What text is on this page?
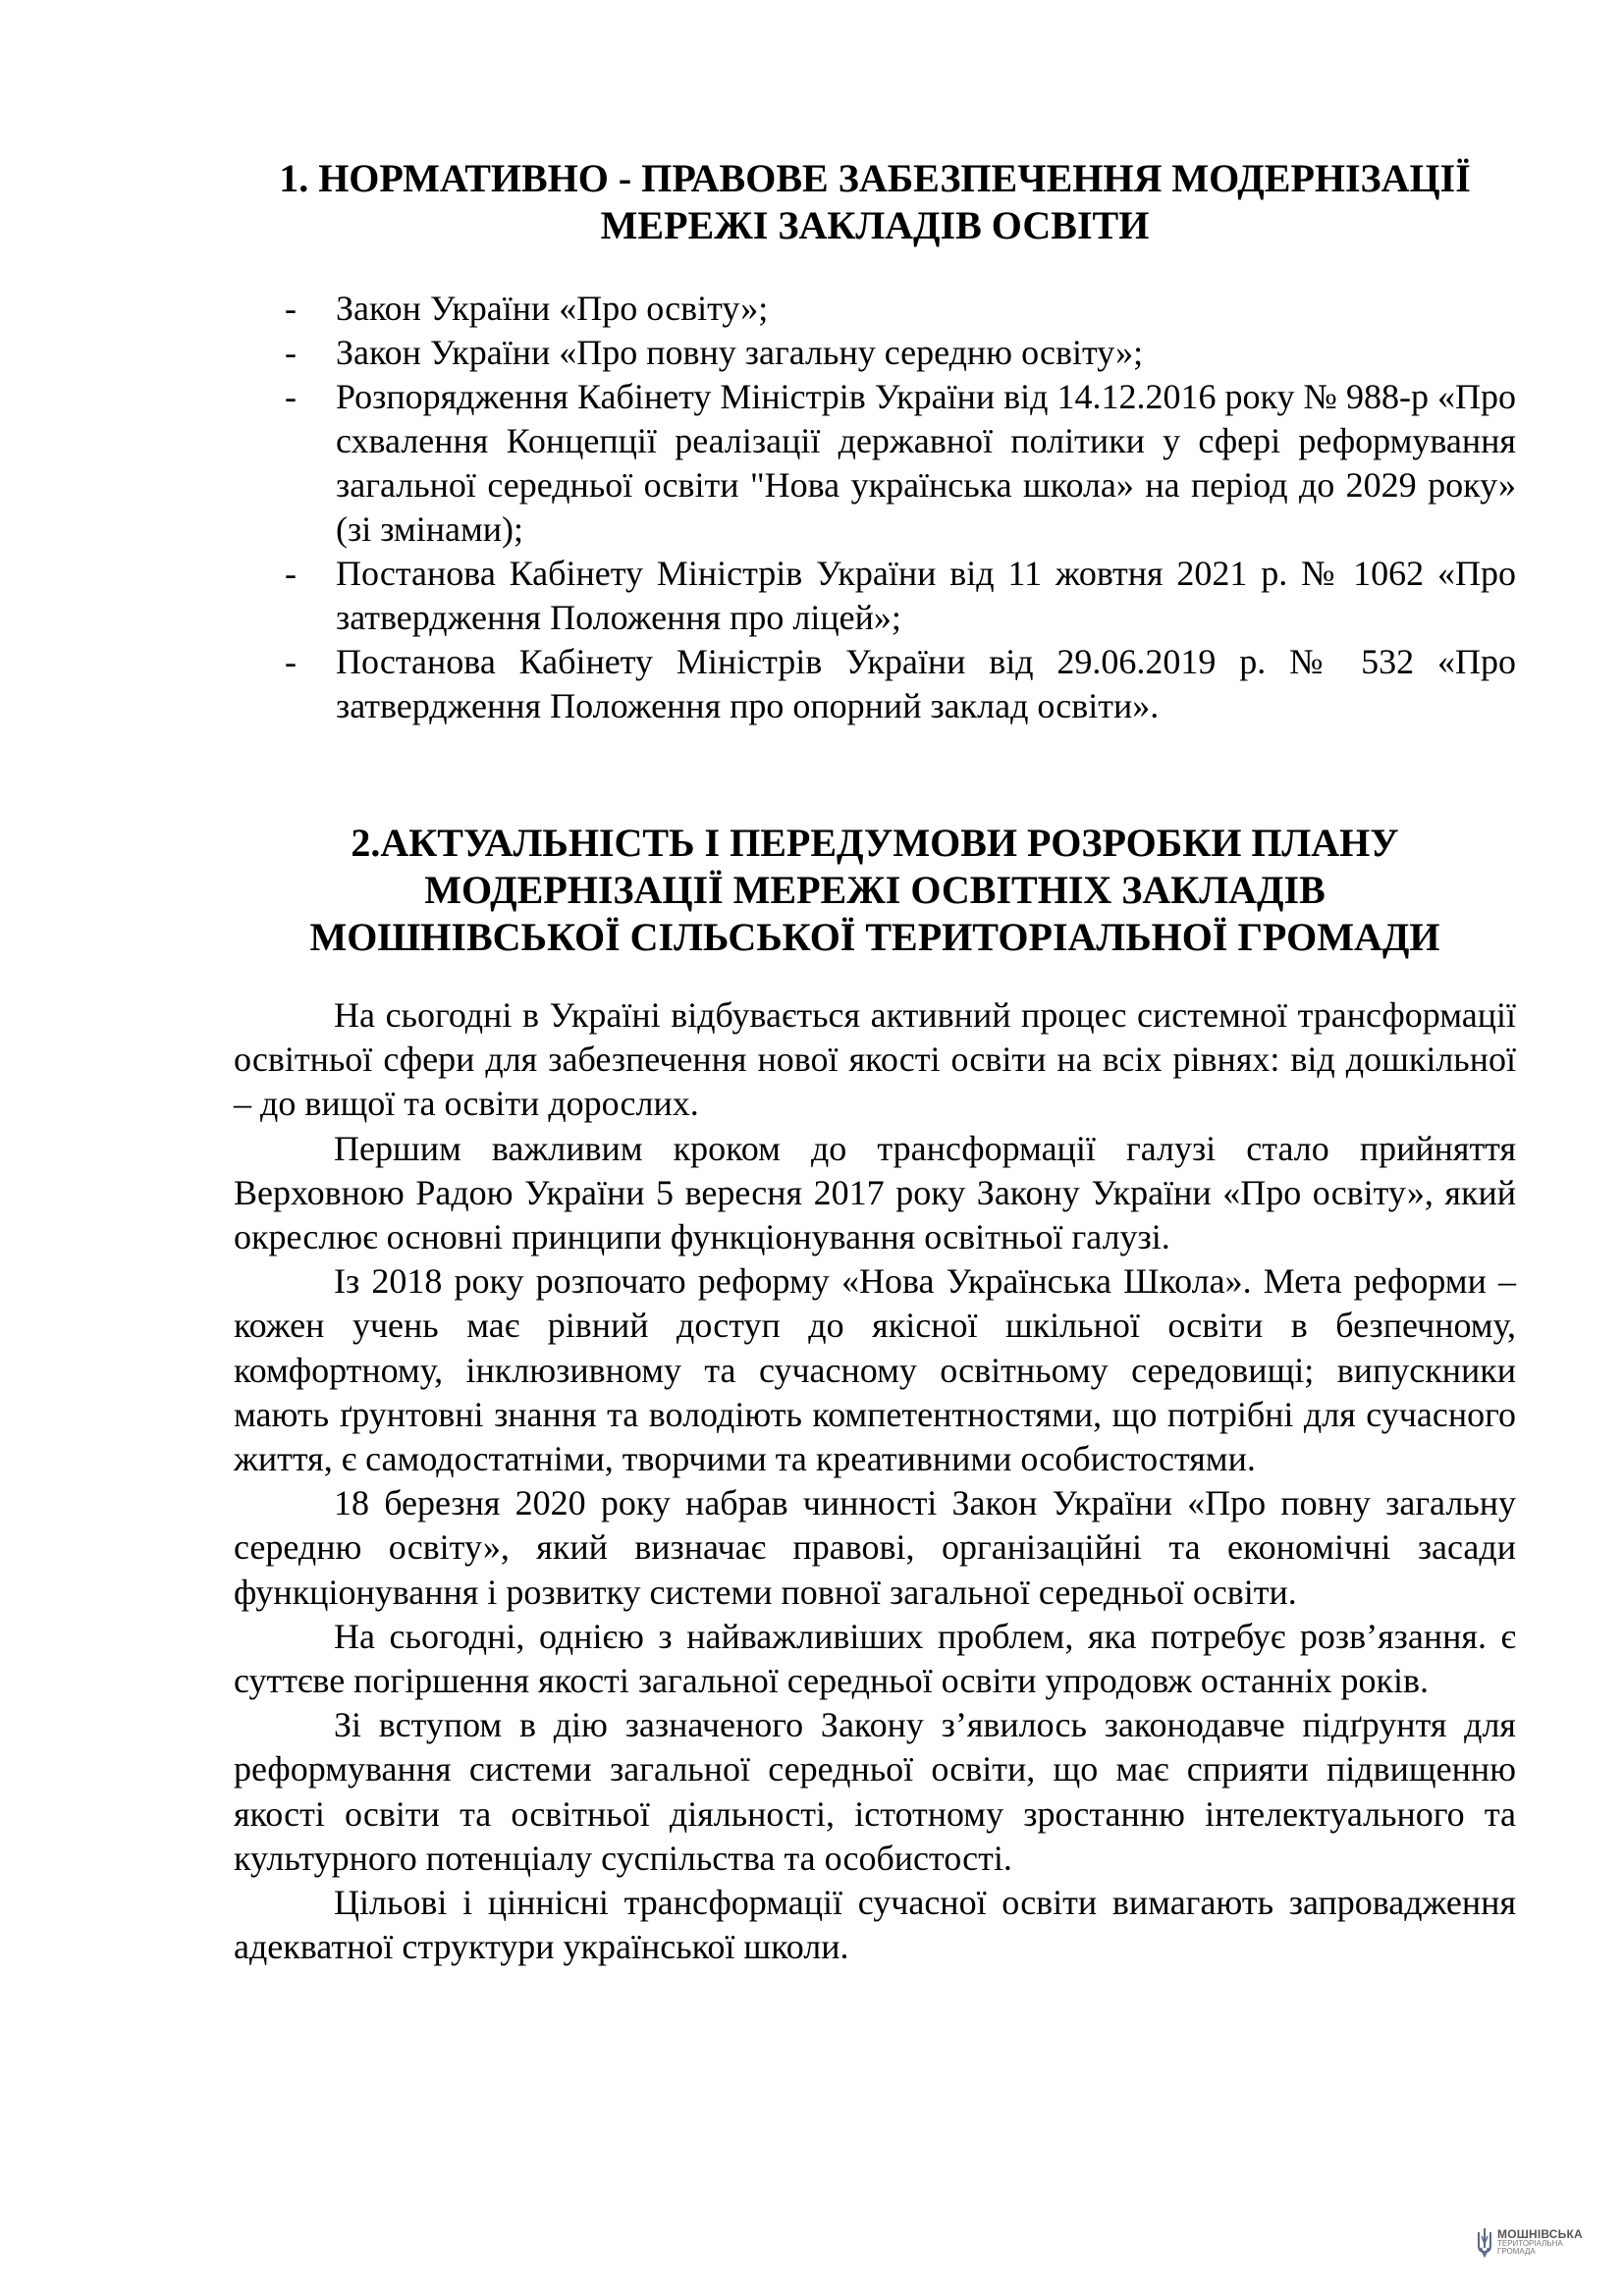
1. НОРМАТИВНО - ПРАВОВЕ ЗАБЕЗПЕЧЕННЯ МОДЕРНІЗАЦІЇ
МЕРЕЖІ ЗАКЛАДІВ ОСВІТИ
- Закон України «Про освіту»;
- Закон України «Про повну загальну середню освіту»;
- Розпорядження Кабінету Міністрів України від 14.12.2016 року № 988-р «Про схвалення Концепції реалізації державної політики у сфері реформування загальної середньої освіти "Нова українська школа» на період до 2029 року» (зі змінами);
- Постанова Кабінету Міністрів України від 11 жовтня 2021 р. № 1062 «Про затвердження Положення про ліцей»;
- Постанова Кабінету Міністрів України від 29.06.2019 р. № 532 «Про затвердження Положення про опорний заклад освіти».
2.АКТУАЛЬНІСТЬ І ПЕРЕДУМОВИ РОЗРОБКИ ПЛАНУ
МОДЕРНІЗАЦІЇ МЕРЕЖІ ОСВІТНІХ ЗАКЛАДІВ
МОШНІВСЬКОЇ СІЛЬСЬКОЇ ТЕРИТОРІАЛЬНОЇ ГРОМАДИ

На сьогодні в Україні відбувається активний процес системної трансформації освітньої сфери для забезпечення нової якості освіти на всіх рівнях: від дошкільної – до вищої та освіти дорослих.

Першим важливим кроком до трансформації галузі стало прийняття Верховною Радою України 5 вересня 2017 року Закону України «Про освіту», який окреслює основні принципи функціонування освітньої галузі.

Із 2018 року розпочато реформу «Нова Українська Школа». Мета реформи – кожен учень має рівний доступ до якісної шкільної освіти в безпечному, комфортному, інклюзивному та сучасному освітньому середовищі; випускники мають ґрунтовні знання та володіють компетентностями, що потрібні для сучасного життя, є самодостатніми, творчими та креативними особистостями.

18 березня 2020 року набрав чинності Закон України «Про повну загальну середню освіту», який визначає правові, організаційні та економічні засади функціонування і розвитку системи повної загальної середньої освіти.

На сьогодні, однією з найважливіших проблем, яка потребує розв’язання. є суттєве погіршення якості загальної середньої освіти упродовж останніх років.

Зі вступом в дію зазначеного Закону з’явилось законодавче підґрунтя для реформування системи загальної середньої освіти, що має сприяти підвищенню якості освіти та освітньої діяльності, істотному зростанню інтелектуального та культурного потенціалу суспільства та особистості.

Цільові і ціннісні трансформації сучасної освіти вимагають запровадження адекватної структури української школи.

МОШНІВСЬКА
ТЕРИТОРІАЛЬНА
ГРОМАДА
